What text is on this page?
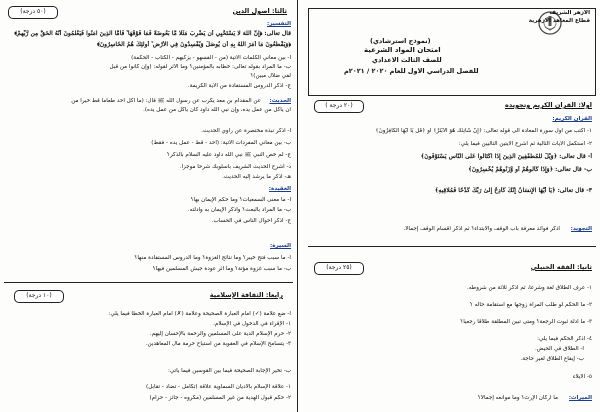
الأزهر الشريف
قطاع المعاهد الأزهرية
(نموذج استرشادي)
امتحان المواد الشرعية
للصف الثالث الاعدادي
للفصل الدراسي الأول للعام ٢٠٢٠ / ٢٠٢١م
( ٢٠ درجة)	أولا: القرآن الكريم وتجويده
القرآن الكريم:
١- اكتب من أول سورة المعادة الى قوله تعالى: ﴿إِنَّ شَانِئَكَ هُوَ الْأَبْتَرُ﴾ أو ﴿قُلْ يَا أَيُّهَا الْكَافِرُونَ﴾
٢- استكمل الآيات التالية ثم اشرح الآيتين التاليين فيما يلي:
أ- قال تعالى: ﴿وَيْلٌ لِّلْمُطَفِّفِينَ الَّذِينَ إِذَا اكْتَالُوا عَلَى النَّاسِ يَسْتَوْفُونَ﴾
ب- قال تعالى: ﴿وَإِذَا كَالُوهُمْ أَو وَّزَنُوهُمْ يُخْسِرُونَ﴾
٣- قال تعالى: ﴿يَا أَيُّهَا الْإِنسَانُ إِنَّكَ كَادِحٌ إِلَىٰ رَبِّكَ كَدْحًا فَمُلَاقِيهِ﴾
التجويد:
اذكر فوائد معرفة باب الوقف والابتداء؟ ثم اذكر أقسام الوقف إجمالا.
(٢٥ درجة)	ثانيا: الفقه الحنبلي
١- عرف الطلاق لغة وشرعا، ثم اذكر ثلاثة من شروطه.
٢- ما الحكم لو طلب المرأة زوجها مع استقامة حاله ؟
٣- ما أدلة ثبوت الرجعة؟ ومتى تبين المطلقة طلاقا رجعيا؟
٤- اذكر الحكم فيما يلي:
أ- الطلاق في الحيض.
ب- إيقاع الطلاق لغير حاجة.
٥- الايلاء
الميراث:
ما أركان الإرث؟ وما موانعه إجمالا؟
(٥٠ درجة)	ثالثا: أصول الدين
التفسير:
قال تعالى: ﴿إِنَّ اللَّهَ لَا يَسْتَحْيِي أَن يَضْرِبَ مَثَلًا مَّا بَعُوضَةً فَمَا فَوْقَهَا ۚ فَأَمَّا الَّذِينَ آمَنُوا فَيَعْلَمُونَ أَنَّهُ الْحَقُّ مِن رَّبِّهِمْ﴾
﴿وَيَقْطَعُونَ مَا أَمَرَ اللَّهُ بِهِ أَن يُوصَلَ وَيُفْسِدُونَ فِي الْأَرْضِ ۚ أُولَٰئِكَ هُمُ الْخَاسِرُونَ﴾
أ- بين معاني الكلمات الآتية (من - الفسهو - يزكيهم - الكتاب - الحكمة)
ب- ما المراد بقوله تعالى: خطابه بالمؤمنين؟ وما الأثر لقوله: (وإن كانوا من قبل
لفي ضلال مبين)؟
ج- اذكر الدروس المستفادة من الآية الكريمة.
الحديث:
عن المقدام بن معد يكرب عن رسول الله ﷺ قال: (ما أكل أحد طعاما قط خيرا من
أن يأكل من عمل يده، وإن نبي الله داود كان يأكل من عمل يده).
أ- اذكر نبذة مختصرة عن راوي الحديث.
ب- بين معاني المفردات الآتية: (أحد - قط - عمل يده - فقط)
ج- لم خص النبي ﷺ نبي الله داود عليه السلام بالذكر؟
د- اشرح الحديث الشريف بأسلوبك شرحا موجزا.
هـ- اذكر ما يرشد إليه الحديث.
العقيدة:
أ- ما معنى السمعيات؟ وما حكم الإيمان بها؟
ب- ما المراد بالبعث؟ واذكر الإيمان به وأدلته.
ج- اذكر أحوال الناس في الحساب.
السيرة:
أ- ما سبب فتح خيبر؟ وما نتائج الغزوة؟ وما الدروس المستفادة منها؟
ب- ما سبب غزوة مؤتة؟ وما أثر عودة جيش المسلمين فيها؟
(١٠ درجة)	رابعا: الثقافة الإسلامية
أ- ضع علامة (✓) أمام العبارة الصحيحة وعلامة (✗) أمام العبارة الخطأ فيما يلي:
١- الإقراء في الدخول في الإسلام.
٢- حرم الإسلام الدية على المسلمين والرحمة بالإحسان إليهم.
٣- يتسامح الإسلام في العقوبة من استباح حرمة مال المعاهدين.
ب- تخير الإجابة الصحيحة فيما بين القوسين فيما يأتي:
١- علاقة الإسلام بالأديان السماوية علاقة (تكامل - تضاد - تقابل)
٢- حكم قبول الهدية من غير المسلمين (مكروه - جائز - حرام)
